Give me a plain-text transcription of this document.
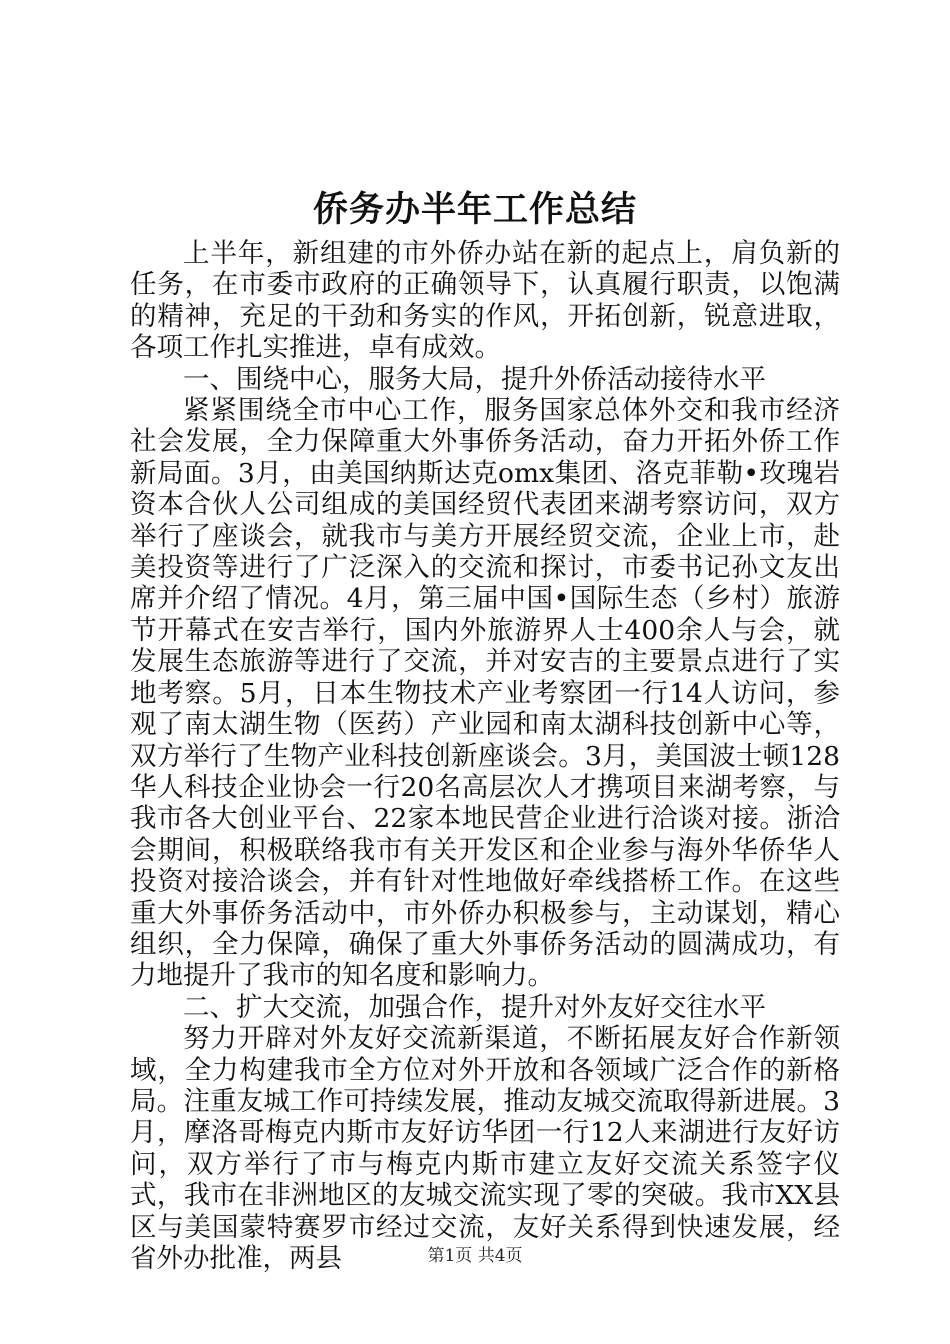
侨务办半年工作总结

上半年，新组建的市外侨办站在新的起点上，肩负新的任务，在市委市政府的正确领导下，认真履行职责，以饱满的精神，充足的干劲和务实的作风，开拓创新，锐意进取，各项工作扎实推进，卓有成效。

一、围绕中心，服务大局，提升外侨活动接待水平

紧紧围绕全市中心工作，服务国家总体外交和我市经济社会发展，全力保障重大外事侨务活动，奋力开拓外侨工作新局面。3月，由美国纳斯达克omx集团、洛克菲勒•玫瑰岩资本合伙人公司组成的美国经贸代表团来湖考察访问，双方举行了座谈会，就我市与美方开展经贸交流，企业上市，赴美投资等进行了广泛深入的交流和探讨，市委书记孙文友出席并介绍了情况。4月，第三届中国•国际生态（乡村）旅游节开幕式在安吉举行，国内外旅游界人士400余人与会，就发展生态旅游等进行了交流，并对安吉的主要景点进行了实地考察。5月，日本生物技术产业考察团一行14人访问，参观了南太湖生物（医药）产业园和南太湖科技创新中心等，双方举行了生物产业科技创新座谈会。3月，美国波士顿128华人科技企业协会一行20名高层次人才携项目来湖考察，与我市各大创业平台、22家本地民营企业进行洽谈对接。浙洽会期间，积极联络我市有关开发区和企业参与海外华侨华人投资对接洽谈会，并有针对性地做好牵线搭桥工作。在这些重大外事侨务活动中，市外侨办积极参与，主动谋划，精心组织，全力保障，确保了重大外事侨务活动的圆满成功，有力地提升了我市的知名度和影响力。

二、扩大交流，加强合作，提升对外友好交往水平

努力开辟对外友好交流新渠道，不断拓展友好合作新领域，全力构建我市全方位对外开放和各领域广泛合作的新格局。注重友城工作可持续发展，推动友城交流取得新进展。3月，摩洛哥梅克内斯市友好访华团一行12人来湖进行友好访问，双方举行了市与梅克内斯市建立友好交流关系签字仪式，我市在非洲地区的友城交流实现了零的突破。我市XX县区与美国蒙特赛罗市经过交流，友好关系得到快速发展，经省外办批准，两县	第1页 共4页
